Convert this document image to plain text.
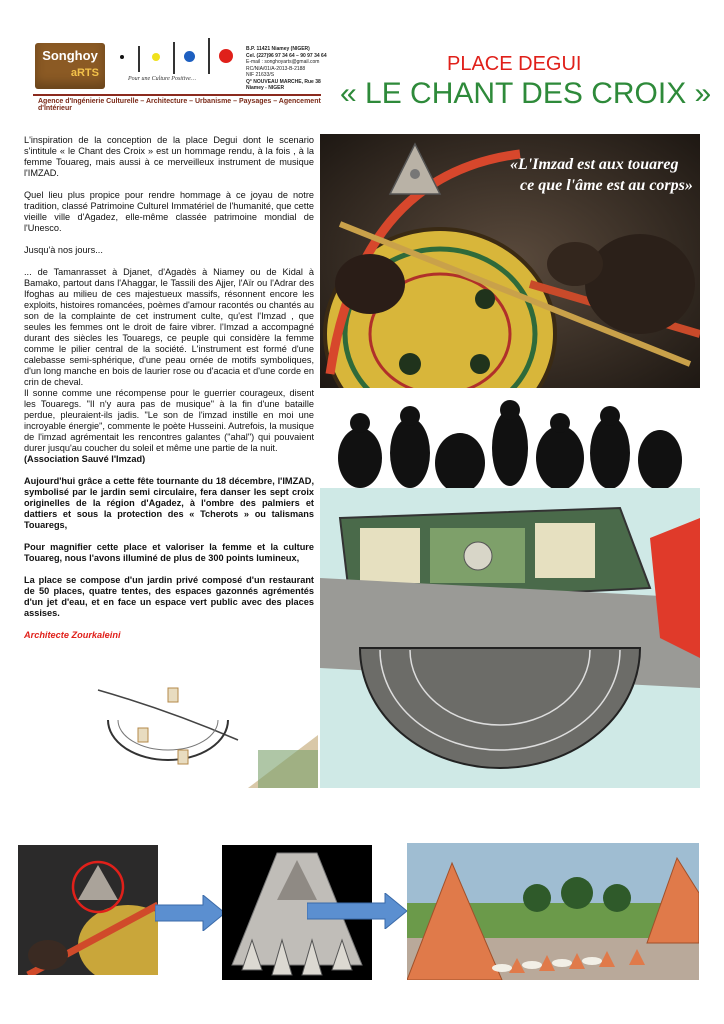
Songhoy
aRTS	Pour une Culture Positive…
B.P. 11421 Niamey (NIGER)
Cel. (227)96 97 34 64 – 90 97 34 64
E-mail : songhoyarts@gmail.com
RC/NIA/01/A-2013-B-2188
NIF 21633/S
Q° NOUVEAU MARCHE, Rue 38
Niamey - NIGER
Agence d'Ingénierie Culturelle – Architecture – Urbanisme – Paysages – Agencement d'Intérieur
PLACE DEGUI
« LE CHANT DES CROIX »

L'inspiration de la conception de la place Degui dont le scenario s'intitule « le Chant des Croix » est un hommage rendu, à la fois , à la femme Touareg, mais aussi à ce merveilleux instrument de musique l'IMZAD.

Quel lieu plus propice pour rendre hommage à ce joyau de notre tradition, classé Patrimoine Culturel Immatériel de l'humanité, que cette vieille ville d'Agadez, elle-même classée patrimoine mondial de l'Unesco.

Jusqu'à nos jours...

... de Tamanrasset à Djanet, d'Agadès à Niamey ou de Kidal à Bamako, partout dans l'Ahaggar, le Tassili des Ajjer, l'Aïr ou l'Adrar des Ifoghas au milieu de ces majestueux massifs, résonnent encore les exploits, histoires romancées, poèmes d'amour racontés ou chantés au son de la complainte de cet instrument culte, qu'est l'Imzad , que seules les femmes ont le droit de faire vibrer. l'Imzad a accompagné durant des siècles les Touaregs, ce peuple qui considère la femme comme le pilier central de la société. L'instrument est formé d'une calebasse semi-sphérique, d'une peau ornée de motifs symboliques, d'un long manche en bois de laurier rose ou d'acacia et d'une corde en crin de cheval.

Il sonne comme une récompense pour le guerrier courageux, disent les Touaregs. "Il n'y aura pas de musique" à la fin d'une bataille perdue, pleuraient-ils jadis. "Le son de l'imzad instille en moi une incroyable énergie", commente le poète Husseini. Autrefois, la musique de l'imzad agrémentait les rencontres galantes ("ahal") qui pouvaient durer jusqu'au coucher du soleil et même une partie de la nuit.

(Association Sauvé l'Imzad)

Aujourd'hui grâce a cette fête tournante du 18 décembre, l'IMZAD, symbolisé par le jardin semi circulaire, fera danser les sept croix originelles de la région d'Agadez, à l'ombre des palmiers et dattiers et sous la protection des « Tcherots » ou talismans Touaregs,

Pour magnifier cette place et valoriser la femme et la culture Touareg, nous l'avons illuminé de plus de 300 points lumineux,

La place se compose d'un jardin privé composé d'un restaurant de 50 places, quatre tentes, des espaces gazonnés agrémentés d'un jet d'eau, et en face un espace vert public avec des places assises.

Architecte Zourkaleini

«L'Imzad est aux touareg
ce que l'âme est au corps»
